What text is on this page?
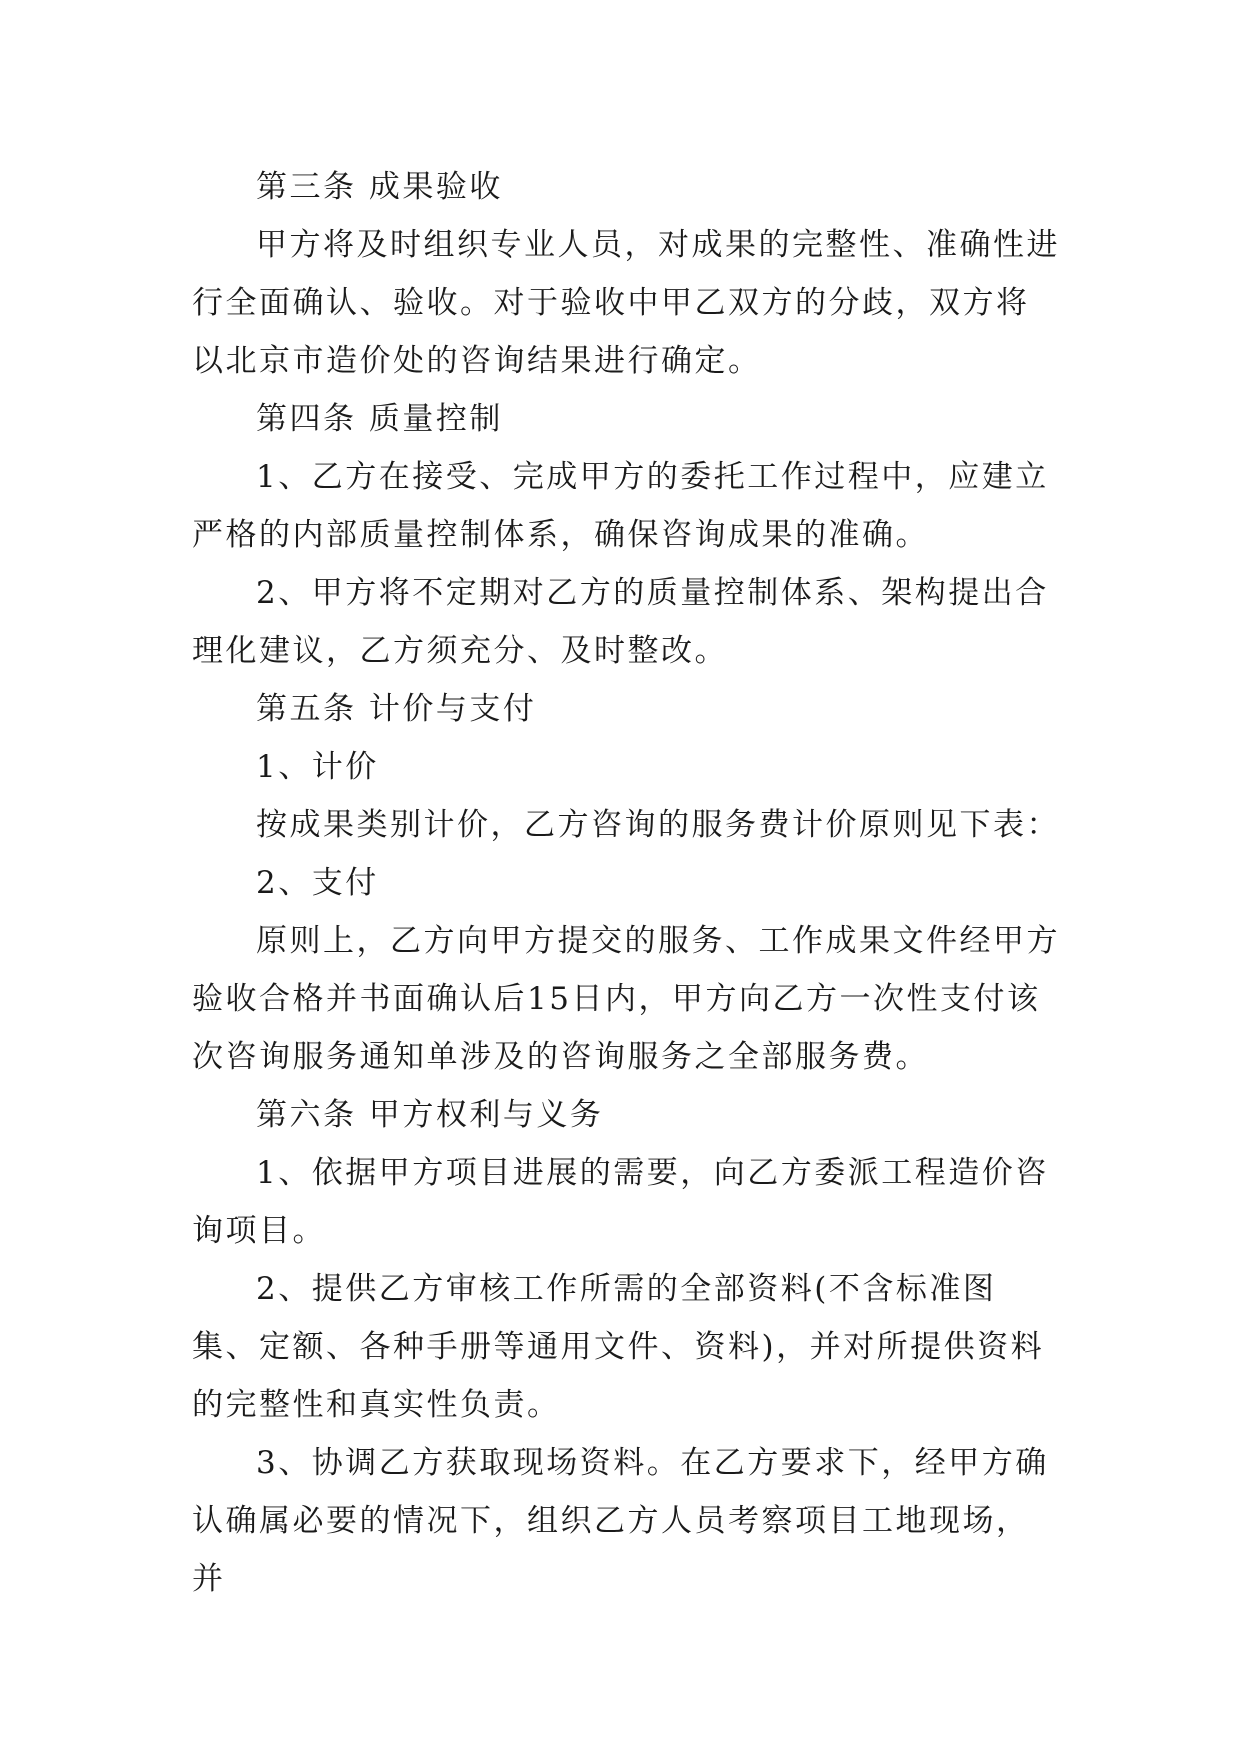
第三条 成果验收

甲方将及时组织专业人员，对成果的完整性、准确性进行全面确认、验收。对于验收中甲乙双方的分歧，双方将以北京市造价处的咨询结果进行确定。

第四条 质量控制

1、乙方在接受、完成甲方的委托工作过程中，应建立严格的内部质量控制体系，确保咨询成果的准确。

2、甲方将不定期对乙方的质量控制体系、架构提出合理化建议，乙方须充分、及时整改。

第五条 计价与支付

1、计价

按成果类别计价，乙方咨询的服务费计价原则见下表：

2、支付

原则上，乙方向甲方提交的服务、工作成果文件经甲方验收合格并书面确认后15日内，甲方向乙方一次性支付该次咨询服务通知单涉及的咨询服务之全部服务费。

第六条 甲方权利与义务

1、依据甲方项目进展的需要，向乙方委派工程造价咨询项目。

2、提供乙方审核工作所需的全部资料(不含标准图集、定额、各种手册等通用文件、资料)，并对所提供资料的完整性和真实性负责。

3、协调乙方获取现场资料。在乙方要求下，经甲方确认确属必要的情况下，组织乙方人员考察项目工地现场，并
